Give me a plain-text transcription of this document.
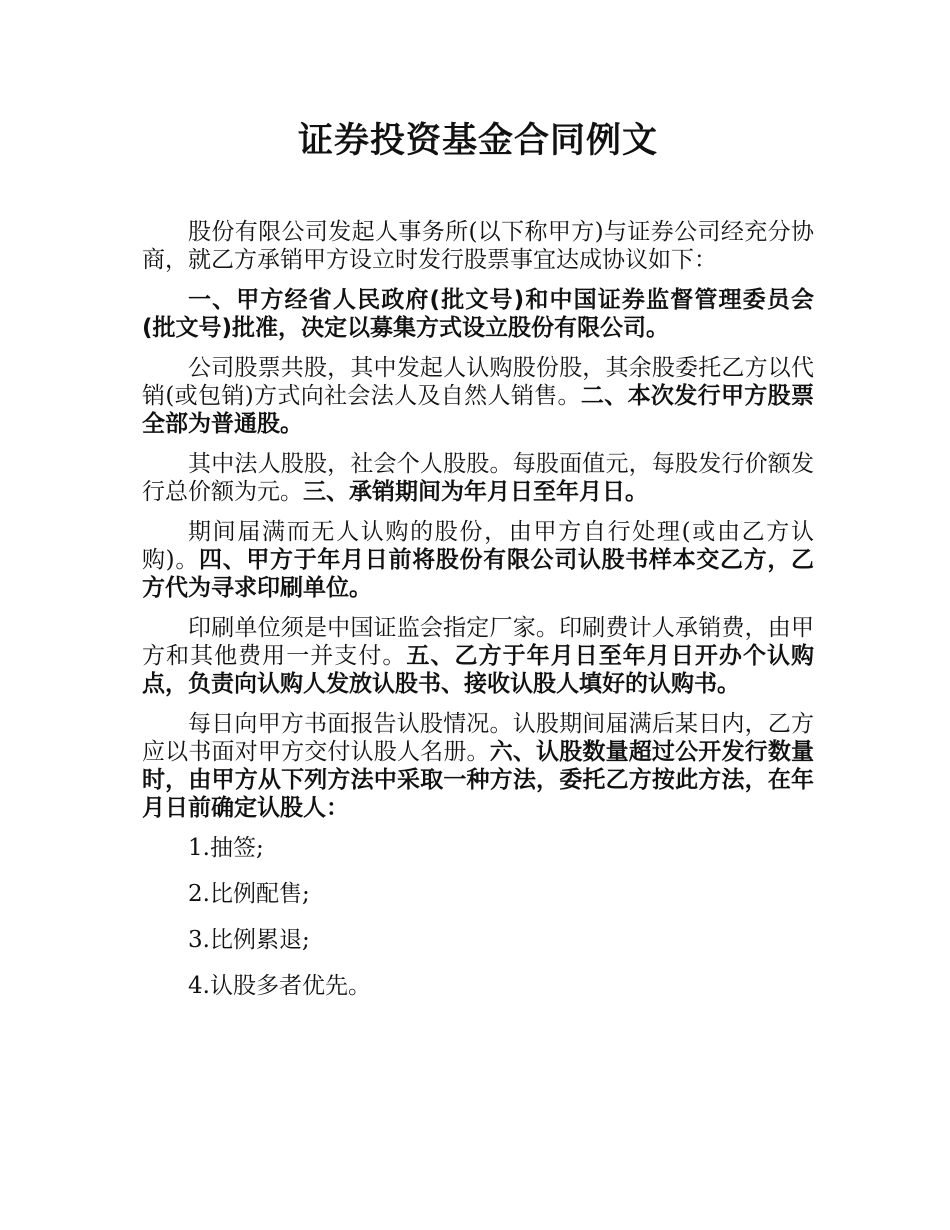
证券投资基金合同例文

股份有限公司发起人事务所(以下称甲方)与证券公司经充分协商，就乙方承销甲方设立时发行股票事宜达成协议如下：

一、甲方经省人民政府(批文号)和中国证券监督管理委员会(批文号)批准，决定以募集方式设立股份有限公司。

公司股票共股，其中发起人认购股份股，其余股委托乙方以代销(或包销)方式向社会法人及自然人销售。二、本次发行甲方股票全部为普通股。

其中法人股股，社会个人股股。每股面值元，每股发行价额发行总价额为元。三、承销期间为年月日至年月日。

期间届满而无人认购的股份，由甲方自行处理(或由乙方认购)。四、甲方于年月日前将股份有限公司认股书样本交乙方，乙方代为寻求印刷单位。

印刷单位须是中国证监会指定厂家。印刷费计人承销费，由甲方和其他费用一并支付。五、乙方于年月日至年月日开办个认购点，负责向认购人发放认股书、接收认股人填好的认购书。

每日向甲方书面报告认股情况。认股期间届满后某日内，乙方应以书面对甲方交付认股人名册。六、认股数量超过公开发行数量时，由甲方从下列方法中采取一种方法，委托乙方按此方法，在年月日前确定认股人：

1.抽签;

2.比例配售;

3.比例累退;

4.认股多者优先。
